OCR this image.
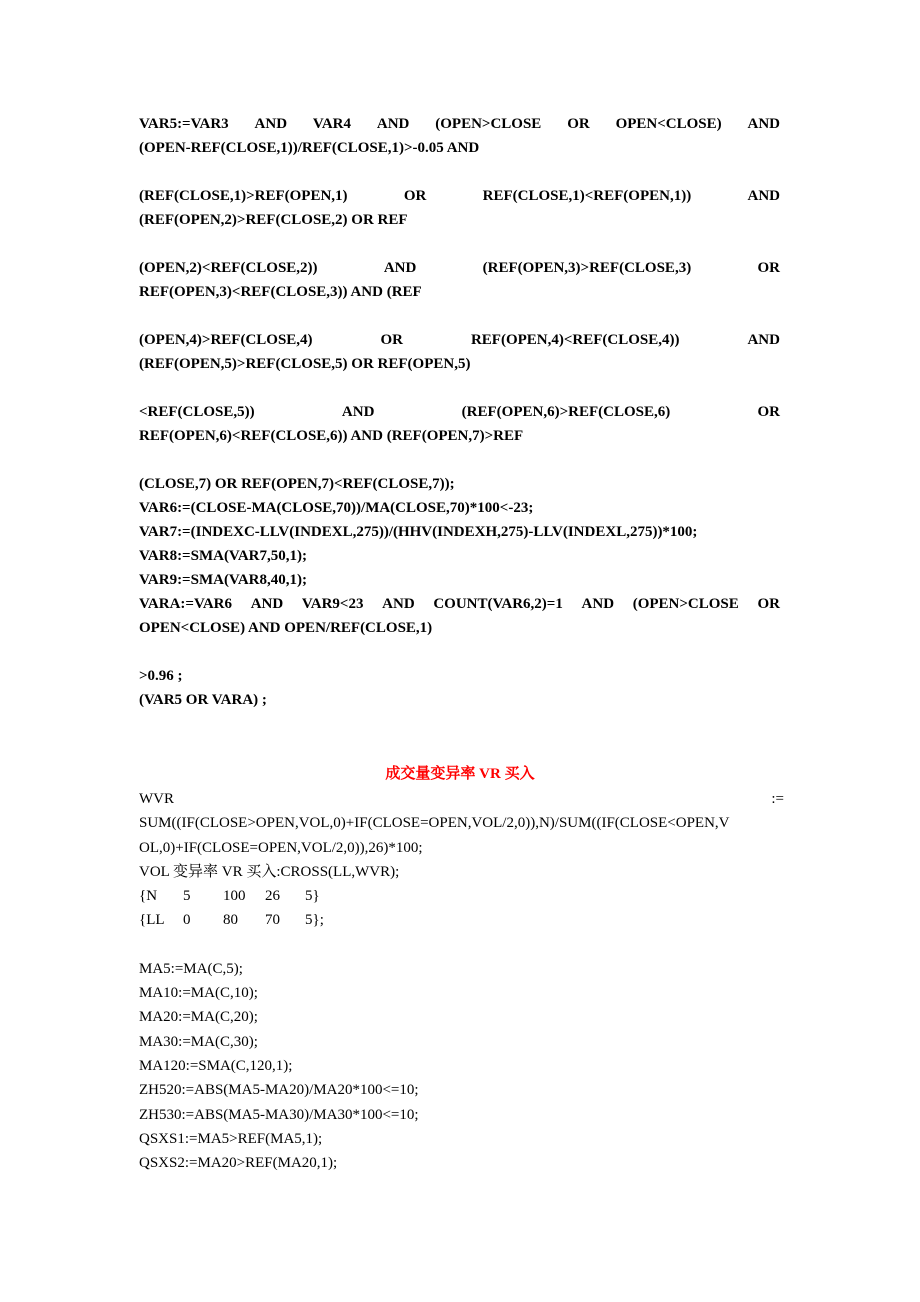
VAR5:=VAR3 AND VAR4 AND (OPEN>CLOSE OR OPEN<CLOSE) AND
(OPEN-REF(CLOSE,1))/REF(CLOSE,1)>-0.05 AND
(REF(CLOSE,1)>REF(OPEN,1)	OR	REF(CLOSE,1)<REF(OPEN,1))	AND
(REF(OPEN,2)>REF(CLOSE,2) OR REF
(OPEN,2)<REF(CLOSE,2))	AND	(REF(OPEN,3)>REF(CLOSE,3)	OR
REF(OPEN,3)<REF(CLOSE,3)) AND (REF
(OPEN,4)>REF(CLOSE,4)	OR	REF(OPEN,4)<REF(CLOSE,4))	AND
(REF(OPEN,5)>REF(CLOSE,5) OR REF(OPEN,5)
<REF(CLOSE,5))	AND	(REF(OPEN,6)>REF(CLOSE,6)	OR
REF(OPEN,6)<REF(CLOSE,6)) AND (REF(OPEN,7)>REF
(CLOSE,7) OR REF(OPEN,7)<REF(CLOSE,7));
VAR6:=(CLOSE-MA(CLOSE,70))/MA(CLOSE,70)*100<-23;
VAR7:=(INDEXC-LLV(INDEXL,275))/(HHV(INDEXH,275)-LLV(INDEXL,275))*100;
VAR8:=SMA(VAR7,50,1);
VAR9:=SMA(VAR8,40,1);
VARA:=VAR6 AND VAR9<23 AND COUNT(VAR6,2)=1 AND (OPEN>CLOSE OR
OPEN<CLOSE) AND OPEN/REF(CLOSE,1)
>0.96 ;
(VAR5 OR VARA) ;
成交量变异率 VR 买入
WVR	:=
SUM((IF(CLOSE>OPEN,VOL,0)+IF(CLOSE=OPEN,VOL/2,0)),N)/SUM((IF(CLOSE<OPEN,V
OL,0)+IF(CLOSE=OPEN,VOL/2,0)),26)*100;
VOL 变异率 VR 买入:CROSS(LL,WVR);
{N 5 100 26 5}
{LL 0 80 70 5};
MA5:=MA(C,5);
MA10:=MA(C,10);
MA20:=MA(C,20);
MA30:=MA(C,30);
MA120:=SMA(C,120,1);
ZH520:=ABS(MA5-MA20)/MA20*100<=10;
ZH530:=ABS(MA5-MA30)/MA30*100<=10;
QSXS1:=MA5>REF(MA5,1);
QSXS2:=MA20>REF(MA20,1);
